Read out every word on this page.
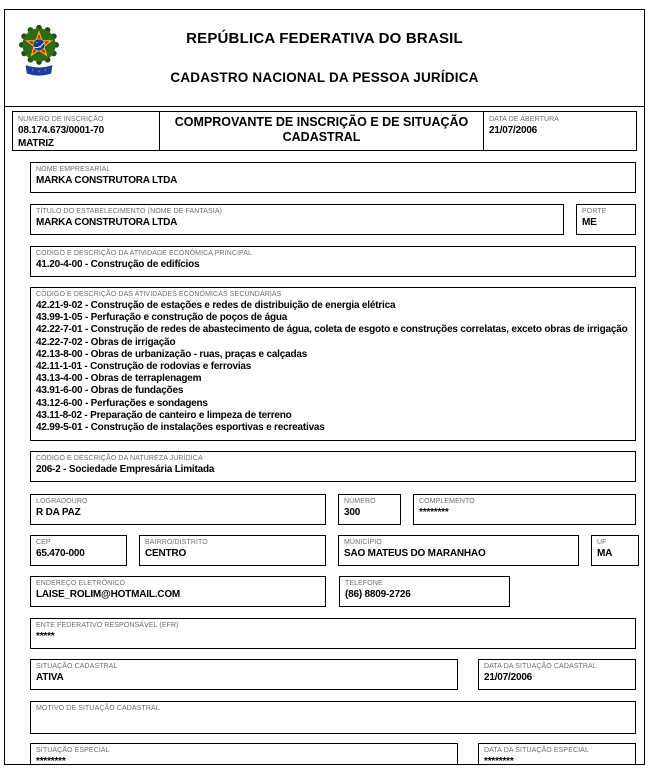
REPÚBLICA FEDERATIVA DO BRASIL
CADASTRO NACIONAL DA PESSOA JURÍDICA
NÚMERO DE INSCRIÇÃO
08.174.673/0001-70
MATRIZ
COMPROVANTE DE INSCRIÇÃO E DE SITUAÇÃO CADASTRAL
DATA DE ABERTURA
21/07/2006
NOME EMPRESARIAL
MARKA CONSTRUTORA LTDA
TÍTULO DO ESTABELECIMENTO (NOME DE FANTASIA)
MARKA CONSTRUTORA LTDA
PORTE
ME
CÓDIGO E DESCRIÇÃO DA ATIVIDADE ECONÔMICA PRINCIPAL
41.20-4-00 - Construção de edifícios
CÓDIGO E DESCRIÇÃO DAS ATIVIDADES ECONÔMICAS SECUNDÁRIAS
42.21-9-02 - Construção de estações e redes de distribuição de energia elétrica
43.99-1-05 - Perfuração e construção de poços de água
42.22-7-01 - Construção de redes de abastecimento de água, coleta de esgoto e construções correlatas, exceto obras de irrigação
42.22-7-02 - Obras de irrigação
42.13-8-00 - Obras de urbanização - ruas, praças e calçadas
42.11-1-01 - Construção de rodovias e ferrovias
43.13-4-00 - Obras de terraplenagem
43.91-6-00 - Obras de fundações
43.12-6-00 - Perfurações e sondagens
43.11-8-02 - Preparação de canteiro e limpeza de terreno
42.99-5-01 - Construção de instalações esportivas e recreativas
CÓDIGO E DESCRIÇÃO DA NATUREZA JURÍDICA
206-2 - Sociedade Empresária Limitada
LOGRADOURO
R DA PAZ
NÚMERO
300
COMPLEMENTO
********
CEP
65.470-000
BAIRRO/DISTRITO
CENTRO
MUNICÍPIO
SAO MATEUS DO MARANHAO
UF
MA
ENDEREÇO ELETRÔNICO
LAISE_ROLIM@HOTMAIL.COM
TELEFONE
(86) 8809-2726
ENTE FEDERATIVO RESPONSÁVEL (EFR)
*****
SITUAÇÃO CADASTRAL
ATIVA
DATA DA SITUAÇÃO CADASTRAL
21/07/2006
MOTIVO DE SITUAÇÃO CADASTRAL
SITUAÇÃO ESPECIAL
********
DATA DA SITUAÇÃO ESPECIAL
********
